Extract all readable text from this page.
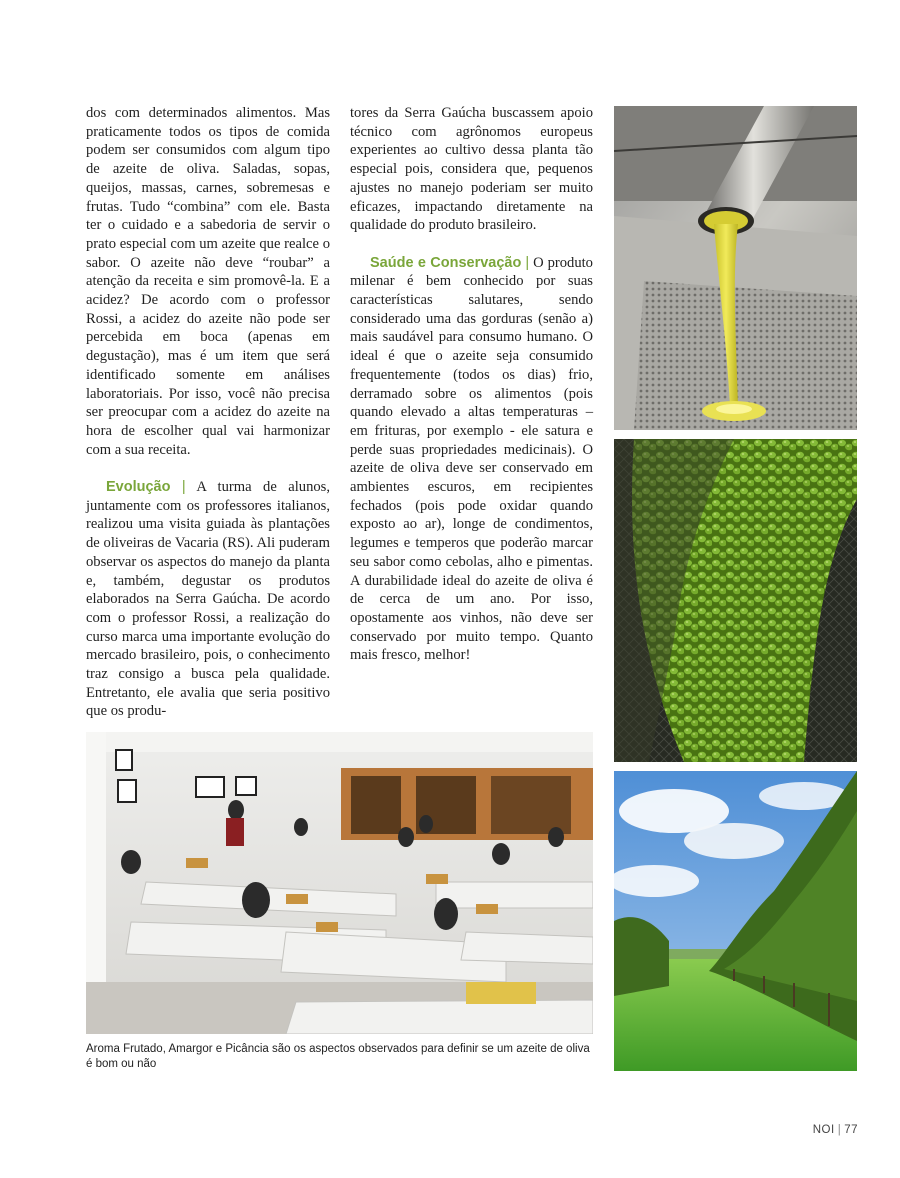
dos com determinados alimentos. Mas praticamente todos os tipos de comida podem ser consumidos com algum tipo de azeite de oliva. Saladas, sopas, queijos, massas, carnes, sobremesas e frutas. Tudo “combina” com ele. Basta ter o cuidado e a sabedoria de servir o prato especial com um azeite que realce o sabor. O azeite não deve “roubar” a atenção da receita e sim promovê-la. E a acidez? De acordo com o professor Rossi, a acidez do azeite não pode ser percebida em boca (apenas em degustação), mas é um item que será identificado somente em análises laboratoriais. Por isso, você não precisa ser preocupar com a acidez do azeite na hora de escolher qual vai harmonizar com a sua receita.

Evolução | A turma de alunos, juntamente com os professores italianos, realizou uma visita guiada às plantações de oliveiras de Vacaria (RS). Ali puderam observar os aspectos do manejo da planta e, também, degustar os produtos elaborados na Serra Gaúcha. De acordo com o professor Rossi, a realização do curso marca uma importante evolução do mercado brasileiro, pois, o conhecimento traz consigo a busca pela qualidade. Entretanto, ele avalia que seria positivo que os produ-

tores da Serra Gaúcha buscassem apoio técnico com agrônomos europeus experientes ao cultivo dessa planta tão especial pois, considera que, pequenos ajustes no manejo poderiam ser muito eficazes, impactando diretamente na qualidade do produto brasileiro.

Saúde e Conservação | O produto milenar é bem conhecido por suas características salutares, sendo considerado uma das gorduras (senão a) mais saudável para consumo humano. O ideal é que o azeite seja consumido frequentemente (todos os dias) frio, derramado sobre os alimentos (pois quando elevado a altas temperaturas – em frituras, por exemplo - ele satura e perde suas propriedades medicinais). O azeite de oliva deve ser conservado em ambientes escuros, em recipientes fechados (pois pode oxidar quando exposto ao ar), longe de condimentos, legumes e temperos que poderão marcar seu sabor como cebolas, alho e pimentas. A durabilidade ideal do azeite de oliva é de cerca de um ano. Por isso, opostamente aos vinhos, não deve ser conservado por muito tempo. Quanto mais fresco, melhor!

Aroma Frutado, Amargor e Picância são os aspectos observados para definir se um azeite de oliva é bom ou não
NOI | 77
